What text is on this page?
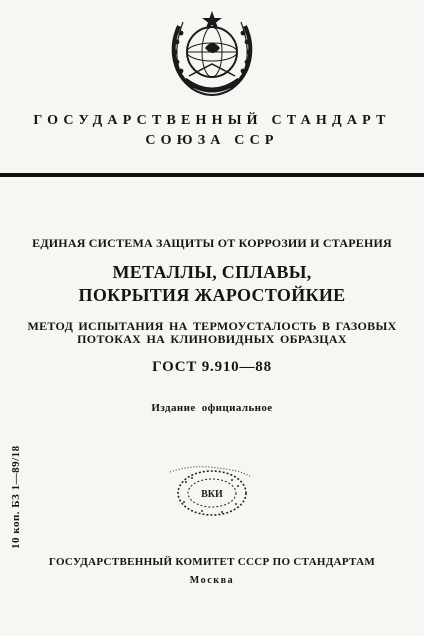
ГОСУДАРСТВЕННЫЙ СТАНДАРТ
СОЮЗА ССР
ЕДИНАЯ СИСТЕМА ЗАЩИТЫ ОТ КОРРОЗИИ И СТАРЕНИЯ
МЕТАЛЛЫ, СПЛАВЫ,
ПОКРЫТИЯ ЖАРОСТОЙКИЕ
МЕТОД ИСПЫТАНИЯ НА ТЕРМОУСТАЛОСТЬ В ГАЗОВЫХ
ПОТОКАХ НА КЛИНОВИДНЫХ ОБРАЗЦАХ
ГОСТ 9.910—88
Издание официальное
10 коп. БЗ 1—89/18	ВКИ
ГОСУДАРСТВЕННЫЙ КОМИТЕТ СССР ПО СТАНДАРТАМ
Москва
